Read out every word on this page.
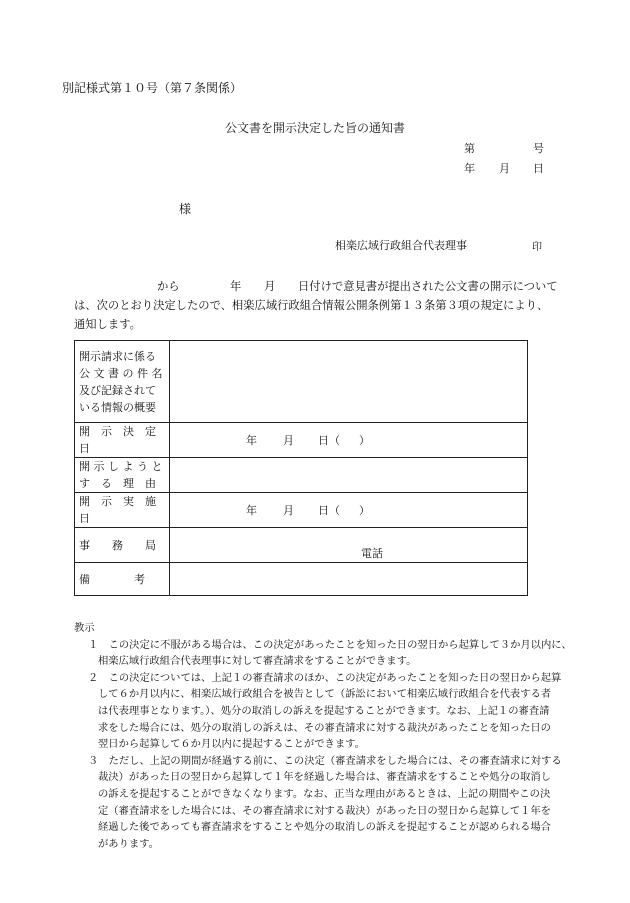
別記様式第１０号（第７条関係）
公文書を開示決定した旨の通知書
第	号
年 月 日
様
相楽広域行政組合代表理事	印
から	年 月 日付けで意見書が提出された公文書の開示について
は、次のとおり決定したので、相楽広域行政組合情報公開条例第１３条第３項の規定により、
通知します。
開示請求に係る
公 文 書 の 件 名
及び記録されて
いる情報の概要	

開　示　決　定　日	年 月 日（ ）

開 示 し よ う と
す　る　理　由	

開　示　実　施　日	年 月 日（ ）

事　　務　　局	電話

備　　　　考	
教示
１　この決定に不服がある場合は、この決定があったことを知った日の翌日から起算して３か月以内に、
相楽広域行政組合代表理事に対して審査請求をすることができます。
２　この決定については、上記１の審査請求のほか、この決定があったことを知った日の翌日から起算
して６か月以内に、相楽広域行政組合を被告として（訴訟において相楽広域行政組合を代表する者
は代表理事となります。）、処分の取消しの訴えを提起することができます。なお、上記１の審査請
求をした場合には、処分の取消しの訴えは、その審査請求に対する裁決があったことを知った日の
翌日から起算して６か月以内に提起することができます。
３　ただし、上記の期間が経過する前に、この決定（審査請求をした場合には、その審査請求に対する
裁決）があった日の翌日から起算して１年を経過した場合は、審査請求をすることや処分の取消し
の訴えを提起することができなくなります。なお、正当な理由があるときは、上記の期間やこの決
定（審査請求をした場合には、その審査請求に対する裁決）があった日の翌日から起算して１年を
経過した後であっても審査請求をすることや処分の取消しの訴えを提起することが認められる場合
があります。
